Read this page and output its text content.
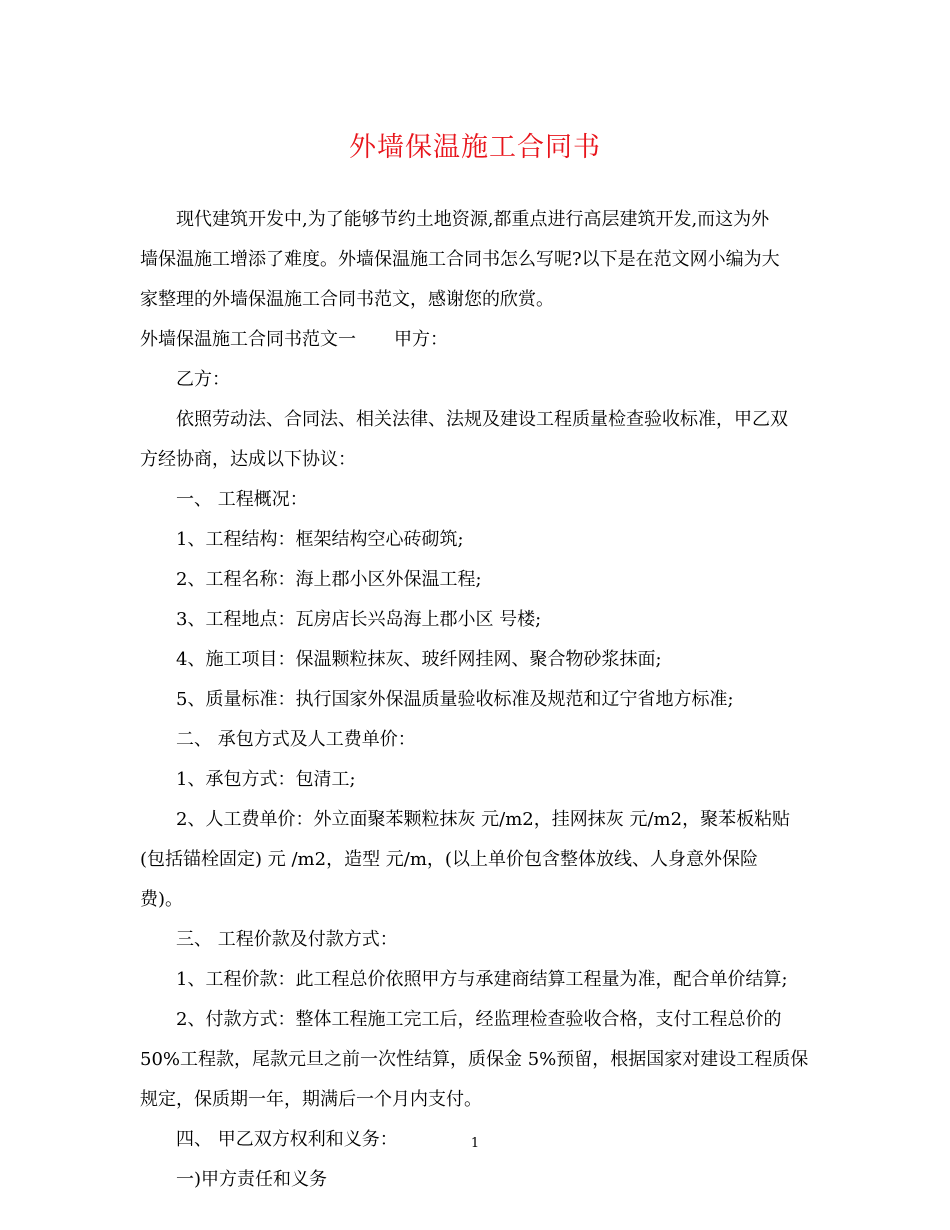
外墙保温施工合同书
现代建筑开发中,为了能够节约土地资源,都重点进行高层建筑开发,而这为外
墙保温施工增添了难度。外墙保温施工合同书怎么写呢?以下是在范文网小编为大
家整理的外墙保温施工合同书范文，感谢您的欣赏。
外墙保温施工合同书范文一 甲方：
乙方：
依照劳动法、合同法、相关法律、法规及建设工程质量检查验收标准，甲乙双
方经协商，达成以下协议：
一、 工程概况：
1、工程结构：框架结构空心砖砌筑;
2、工程名称：海上郡小区外保温工程;
3、工程地点：瓦房店长兴岛海上郡小区 号楼;
4、施工项目：保温颗粒抹灰、玻纤网挂网、聚合物砂浆抹面;
5、质量标准：执行国家外保温质量验收标准及规范和辽宁省地方标准;
二、 承包方式及人工费单价：
1、承包方式：包清工;
2、人工费单价：外立面聚苯颗粒抹灰 元/m2，挂网抹灰 元/m2，聚苯板粘贴
(包括锚栓固定) 元 /m2，造型 元/m，(以上单价包含整体放线、人身意外保险
费)。
三、 工程价款及付款方式：
1、工程价款：此工程总价依照甲方与承建商结算工程量为准，配合单价结算;
2、付款方式：整体工程施工完工后，经监理检查验收合格，支付工程总价的
50%工程款，尾款元旦之前一次性结算，质保金 5%预留，根据国家对建设工程质保
规定，保质期一年，期满后一个月内支付。
四、 甲乙双方权利和义务：
一)甲方责任和义务
1
